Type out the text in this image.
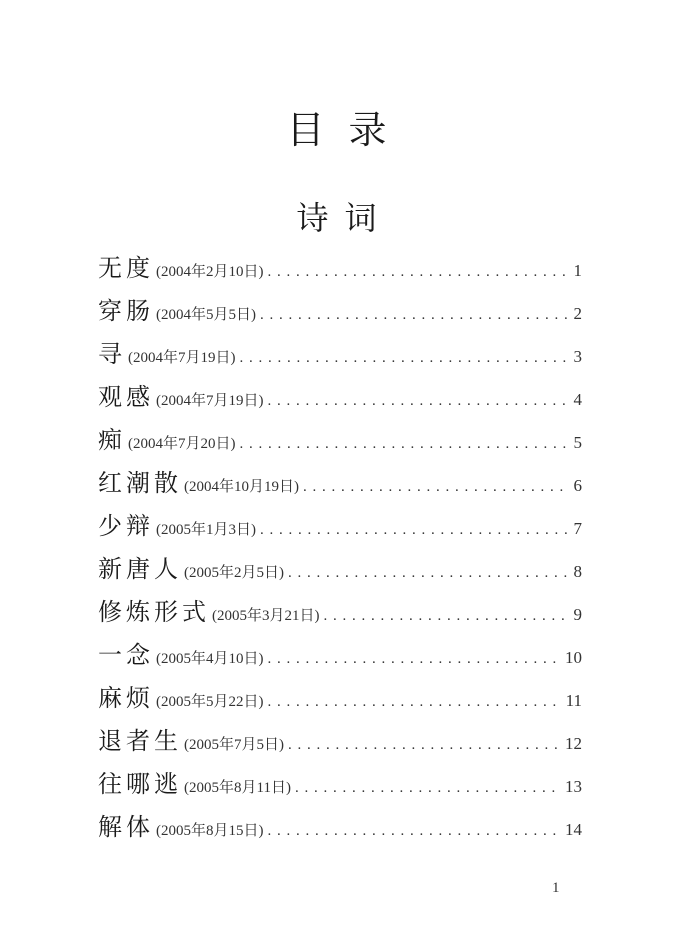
目录
诗词
无度 (2004年2月10日) . . .	1
穿肠 (2004年5月5日) . . .	2
寻 (2004年7月19日) . . .	3
观感 (2004年7月19日) . . .	4
痴 (2004年7月20日) . . .	5
红潮散 (2004年10月19日) . . .	6
少辩 (2005年1月3日) . . .	7
新唐人 (2005年2月5日) . . .	8
修炼形式 (2005年3月21日) . . .	9
一念 (2005年4月10日) . . .	10
麻烦 (2005年5月22日) . . .	11
退者生 (2005年7月5日) . . .	12
往哪逃 (2005年8月11日) . . .	13
解体 (2005年8月15日) . . .	14
1
